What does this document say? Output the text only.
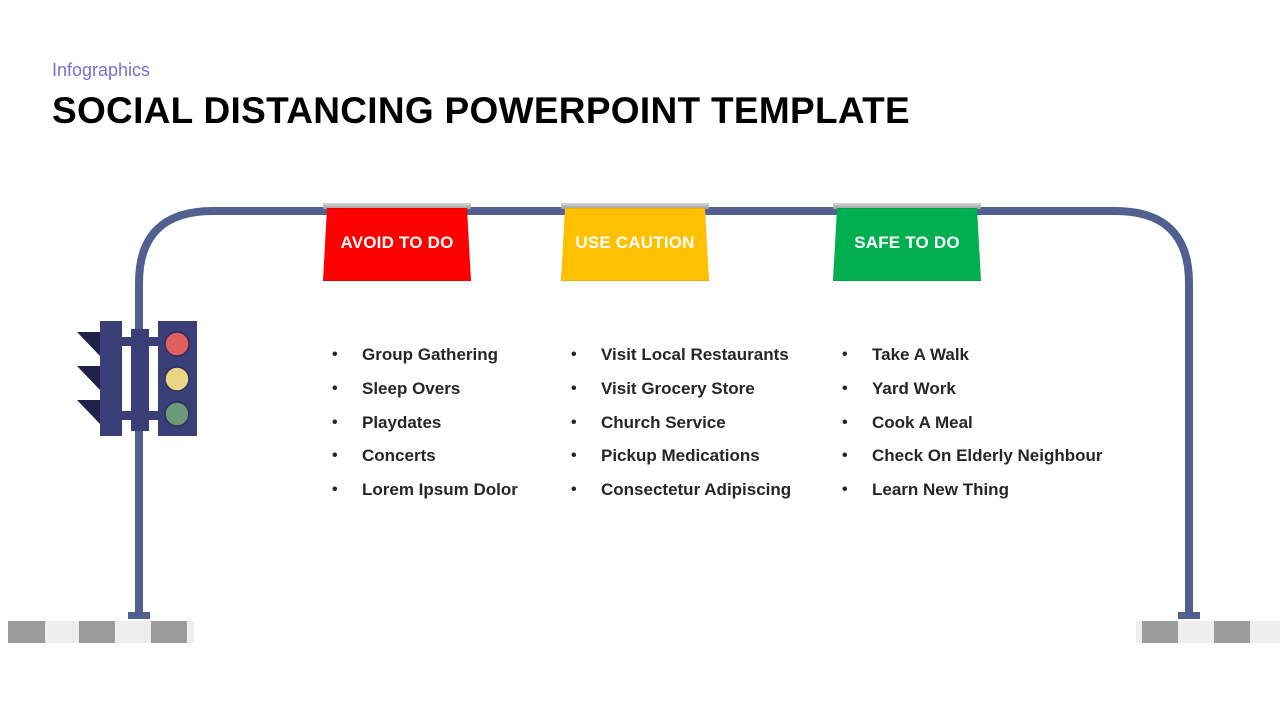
Infographics
SOCIAL DISTANCING POWERPOINT TEMPLATE
AVOID TO DO	USE CAUTION	SAFE TO DO
• Group Gathering
• Sleep Overs
• Playdates
• Concerts
• Lorem Ipsum Dolor
• Visit Local Restaurants
• Visit Grocery Store
• Church Service
• Pickup Medications
• Consectetur Adipiscing
• Take A Walk
• Yard Work
• Cook A Meal
• Check On Elderly Neighbour
• Learn New Thing
